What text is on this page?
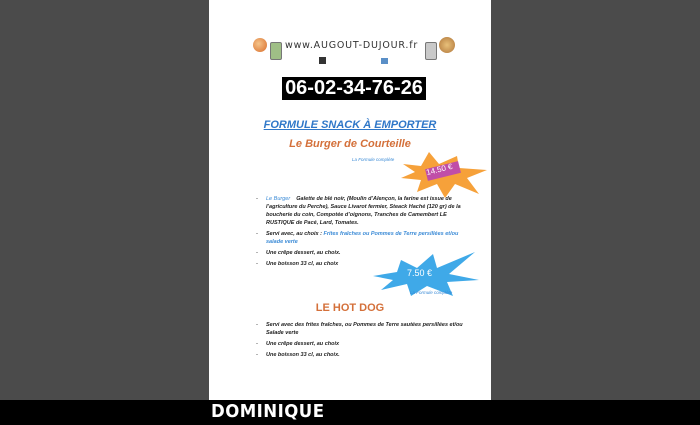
www.AUGOUT-DUJOUR.fr
06-02-34-76-26
FORMULE SNACK À EMPORTER
Le Burger de Courteille
La Formule complète
14.50 €
- Le Burger Galette de blé noir, (Moulin d’Alençon, la farine est issue de l’agriculture du Perche), Sauce Livarot fermier, Steack Haché (120 gr) de la boucherie du coin, Compotée d’oignons, Tranches de Camembert LE RUSTIQUE de Pacé, Lard, Tomates.
- Servi avec, au choix : Frites fraîches ou Pommes de Terre persillées et/ou salade verte
- Une crêpe dessert, au choix.
- Une boisson 33 cl, au choix
7.50 €
La Formule complète
LE HOT DOG
- Servi avec des frites fraîches, ou Pommes de Terre sautées persillées et/ou Salade verte
- Une crêpe dessert, au choix
- Une boisson 33 cl, au choix.
DOMINIQUE
